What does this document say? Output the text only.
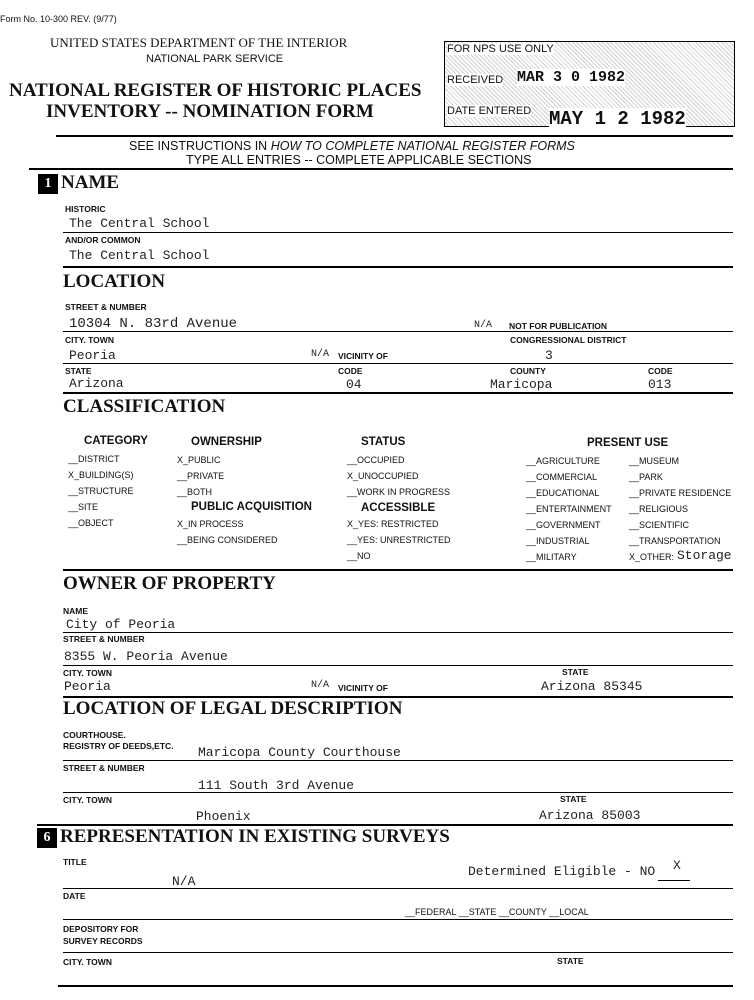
Form No. 10-300 REV. (9/77)
UNITED STATES DEPARTMENT OF THE INTERIOR
NATIONAL PARK SERVICE
NATIONAL REGISTER OF HISTORIC PLACES
INVENTORY -- NOMINATION FORM
FOR NPS USE ONLY
RECEIVED MAR 3 0 1982
DATE ENTERED MAY 1 2 1982
SEE INSTRUCTIONS IN HOW TO COMPLETE NATIONAL REGISTER FORMS
TYPE ALL ENTRIES -- COMPLETE APPLICABLE SECTIONS
1 NAME
HISTORIC
The Central School
AND/OR COMMON
The Central School
LOCATION
STREET & NUMBER
10304 N. 83rd Avenue	N/A NOT FOR PUBLICATION
CITY. TOWN	CONGRESSIONAL DISTRICT
Peoria	N/A VICINITY OF	3
STATE	CODE	COUNTY	CODE
Arizona	04	Maricopa	013
CLASSIFICATION
CATEGORY	OWNERSHIP	STATUS	PRESENT USE
__DISTRICT
X_BUILDING(S)
__STRUCTURE
__SITE
__OBJECT
X_PUBLIC
__PRIVATE
__BOTH
PUBLIC ACQUISITION
X_IN PROCESS
__BEING CONSIDERED
__OCCUPIED
X_UNOCCUPIED
__WORK IN PROGRESS
ACCESSIBLE
X_YES: RESTRICTED
__YES: UNRESTRICTED
__NO
__AGRICULTURE
__COMMERCIAL
__EDUCATIONAL
__ENTERTAINMENT
__GOVERNMENT
__INDUSTRIAL
__MILITARY
__MUSEUM
__PARK
__PRIVATE RESIDENCE
__RELIGIOUS
__SCIENTIFIC
__TRANSPORTATION
X_OTHER: Storage
OWNER OF PROPERTY
NAME
City of Peoria
STREET & NUMBER
8355 W. Peoria Avenue
CITY. TOWN	STATE
Peoria	N/A VICINITY OF	Arizona 85345
LOCATION OF LEGAL DESCRIPTION
COURTHOUSE.
REGISTRY OF DEEDS,ETC. Maricopa County Courthouse
STREET & NUMBER
111 South 3rd Avenue
CITY. TOWN	STATE
Phoenix	Arizona 85003
6 REPRESENTATION IN EXISTING SURVEYS
TITLE
Determined Eligible - NO X
N/A
DATE
__FEDERAL __STATE __COUNTY __LOCAL
DEPOSITORY FOR
SURVEY RECORDS
CITY. TOWN	STATE
